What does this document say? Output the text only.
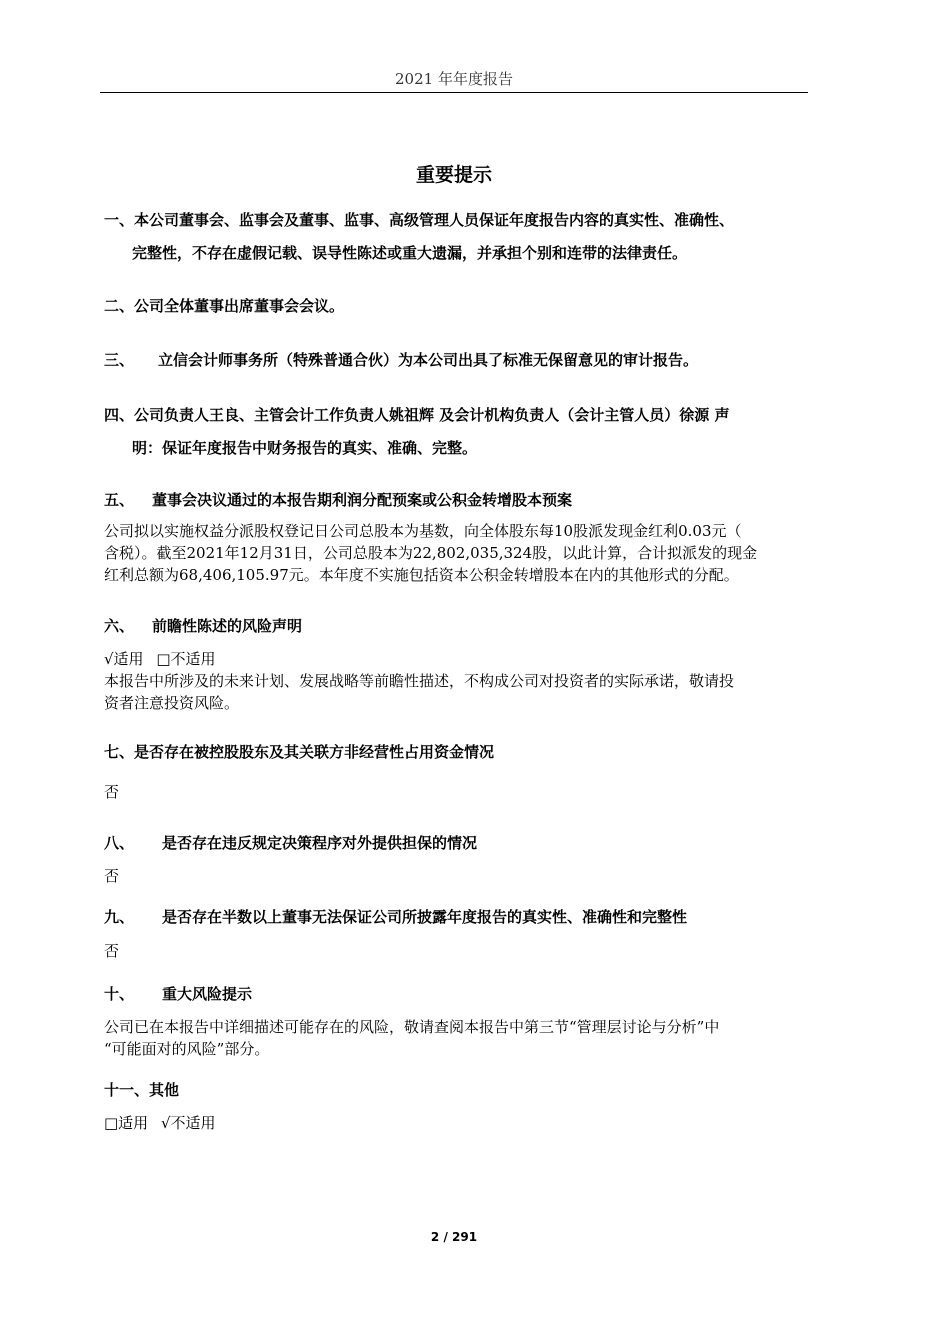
2021 年年度报告
重要提示
一、本公司董事会、监事会及董事、监事、高级管理人员保证年度报告内容的真实性、准确性、
完整性，不存在虚假记载、误导性陈述或重大遗漏，并承担个别和连带的法律责任。
二、公司全体董事出席董事会会议。
三、 立信会计师事务所（特殊普通合伙）为本公司出具了标准无保留意见的审计报告。
四、公司负责人王良、主管会计工作负责人姚祖辉 及会计机构负责人（会计主管人员）徐源 声
明：保证年度报告中财务报告的真实、准确、完整。
五、 董事会决议通过的本报告期利润分配预案或公积金转增股本预案
公司拟以实施权益分派股权登记日公司总股本为基数，向全体股东每10股派发现金红利0.03元（
含税）。截至2021年12月31日，公司总股本为22,802,035,324股，以此计算，合计拟派发的现金
红利总额为68,406,105.97元。本年度不实施包括资本公积金转增股本在内的其他形式的分配。
六、 前瞻性陈述的风险声明
√适用 □不适用
本报告中所涉及的未来计划、发展战略等前瞻性描述，不构成公司对投资者的实际承诺，敬请投
资者注意投资风险。
七、是否存在被控股股东及其关联方非经营性占用资金情况
否
八、 是否存在违反规定决策程序对外提供担保的情况
否
九、 是否存在半数以上董事无法保证公司所披露年度报告的真实性、准确性和完整性
否
十、 重大风险提示
公司已在本报告中详细描述可能存在的风险，敬请查阅本报告中第三节“管理层讨论与分析”中
“可能面对的风险”部分。
十一、其他
□适用 √不适用
2 / 291
